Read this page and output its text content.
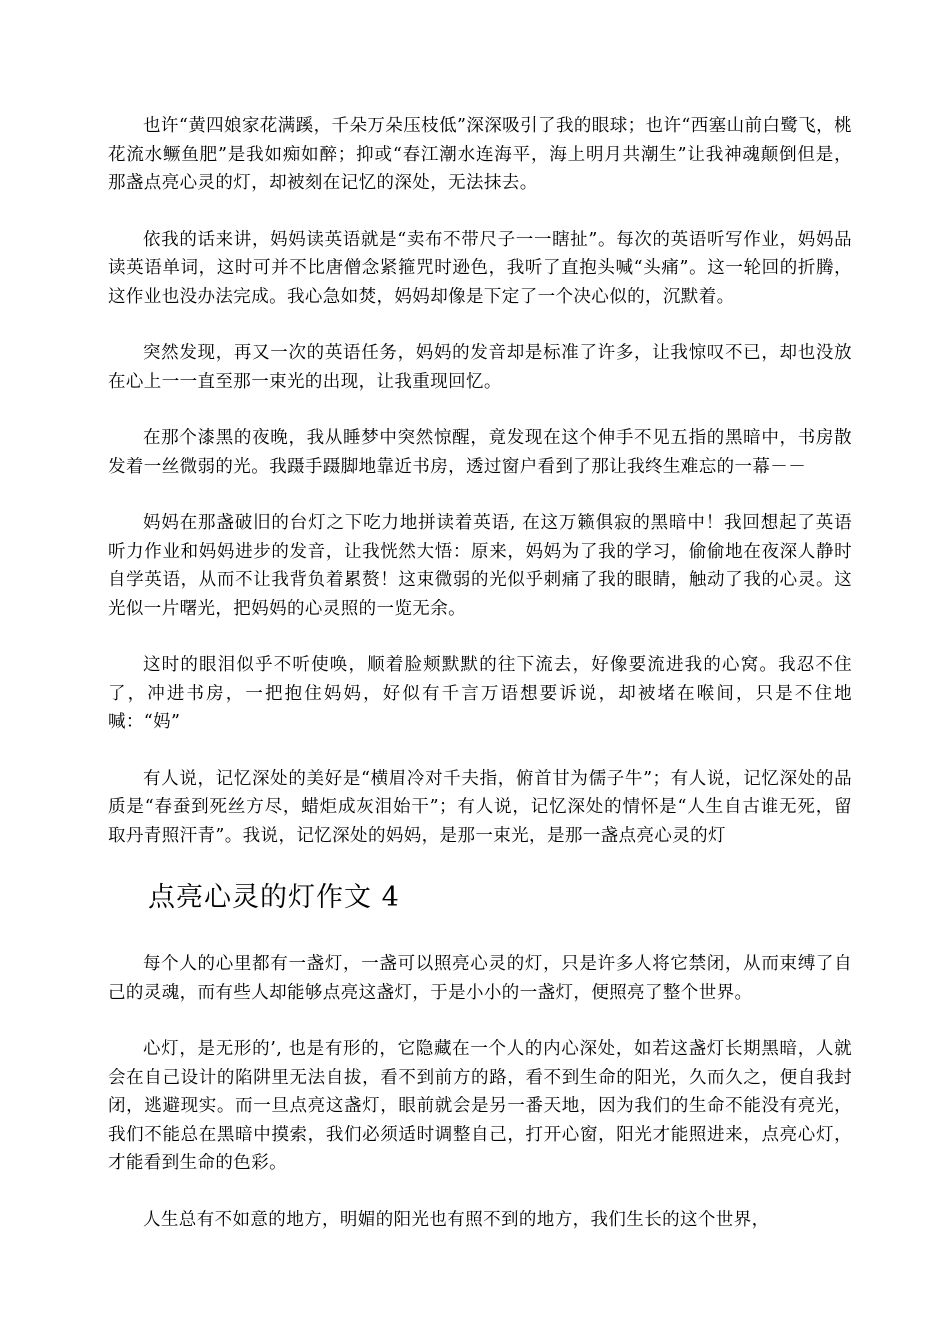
也许“黄四娘家花满蹊，千朵万朵压枝低”深深吸引了我的眼球；也许“西塞山前白鹭飞，桃花流水鳜鱼肥”是我如痴如醉；抑或“春江潮水连海平，海上明月共潮生”让我神魂颠倒但是，那盏点亮心灵的灯，却被刻在记忆的深处，无法抹去。

依我的话来讲，妈妈读英语就是“卖布不带尺子一一瞎扯”。每次的英语听写作业，妈妈品读英语单词，这时可并不比唐僧念紧箍咒时逊色，我听了直抱头喊“头痛”。这一轮回的折腾，这作业也没办法完成。我心急如焚，妈妈却像是下定了一个决心似的，沉默着。

突然发现，再又一次的英语任务，妈妈的发音却是标准了许多，让我惊叹不已，却也没放在心上一一直至那一束光的出现，让我重现回忆。

在那个漆黑的夜晚，我从睡梦中突然惊醒，竟发现在这个伸手不见五指的黑暗中，书房散发着一丝微弱的光。我蹑手蹑脚地靠近书房，透过窗户看到了那让我终生难忘的一幕－－

妈妈在那盏破旧的台灯之下吃力地拼读着英语, 在这万籁俱寂的黑暗中！我回想起了英语听力作业和妈妈进步的发音，让我恍然大悟：原来，妈妈为了我的学习，偷偷地在夜深人静时自学英语，从而不让我背负着累赘！这束微弱的光似乎刺痛了我的眼睛，触动了我的心灵。这光似一片曙光，把妈妈的心灵照的一览无余。

这时的眼泪似乎不听使唤，顺着脸颊默默的往下流去，好像要流进我的心窝。我忍不住了，冲进书房，一把抱住妈妈，好似有千言万语想要诉说，却被堵在喉间，只是不住地喊：“妈”

有人说，记忆深处的美好是“横眉冷对千夫指，俯首甘为儒子牛”；有人说，记忆深处的品质是“春蚕到死丝方尽，蜡炬成灰泪始干”；有人说，记忆深处的情怀是“人生自古谁无死，留取丹青照汗青”。我说，记忆深处的妈妈，是那一束光，是那一盏点亮心灵的灯

点亮心灵的灯作文 4

每个人的心里都有一盏灯，一盏可以照亮心灵的灯，只是许多人将它禁闭，从而束缚了自己的灵魂，而有些人却能够点亮这盏灯，于是小小的一盏灯，便照亮了整个世界。

心灯，是无形的’, 也是有形的，它隐藏在一个人的内心深处，如若这盏灯长期黑暗，人就会在自己设计的陷阱里无法自拔，看不到前方的路，看不到生命的阳光，久而久之，便自我封闭，逃避现实。而一旦点亮这盏灯，眼前就会是另一番天地，因为我们的生命不能没有亮光，我们不能总在黑暗中摸索，我们必须适时调整自己，打开心窗，阳光才能照进来，点亮心灯，才能看到生命的色彩。

人生总有不如意的地方，明媚的阳光也有照不到的地方，我们生长的这个世界，
